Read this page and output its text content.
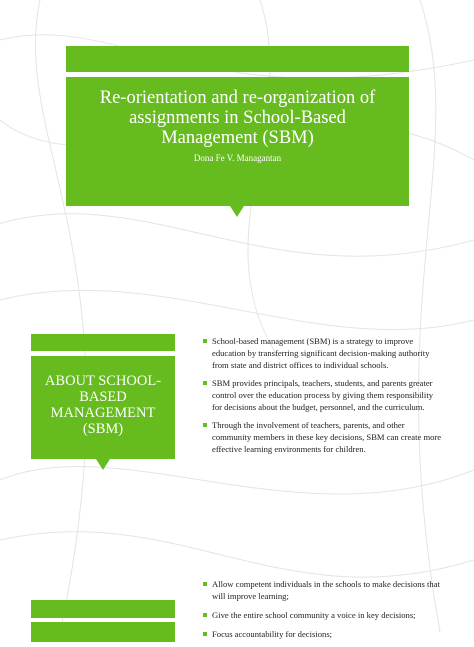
Re-orientation and re-organization of assignments in School-Based Management (SBM)
Dona Fe V. Managantan
ABOUT SCHOOL-BASED MANAGEMENT (SBM)
School-based management (SBM) is a strategy to improve education by transferring significant decision-making authority from state and district offices to individual schools.
SBM provides principals, teachers, students, and parents greater control over the education process by giving them responsibility for decisions about the budget, personnel, and the curriculum.
Through the involvement of teachers, parents, and other community members in these key decisions, SBM can create more effective learning environments for children.
Allow competent individuals in the schools to make decisions that will improve learning;
Give the entire school community a voice in key decisions;
Focus accountability for decisions;
